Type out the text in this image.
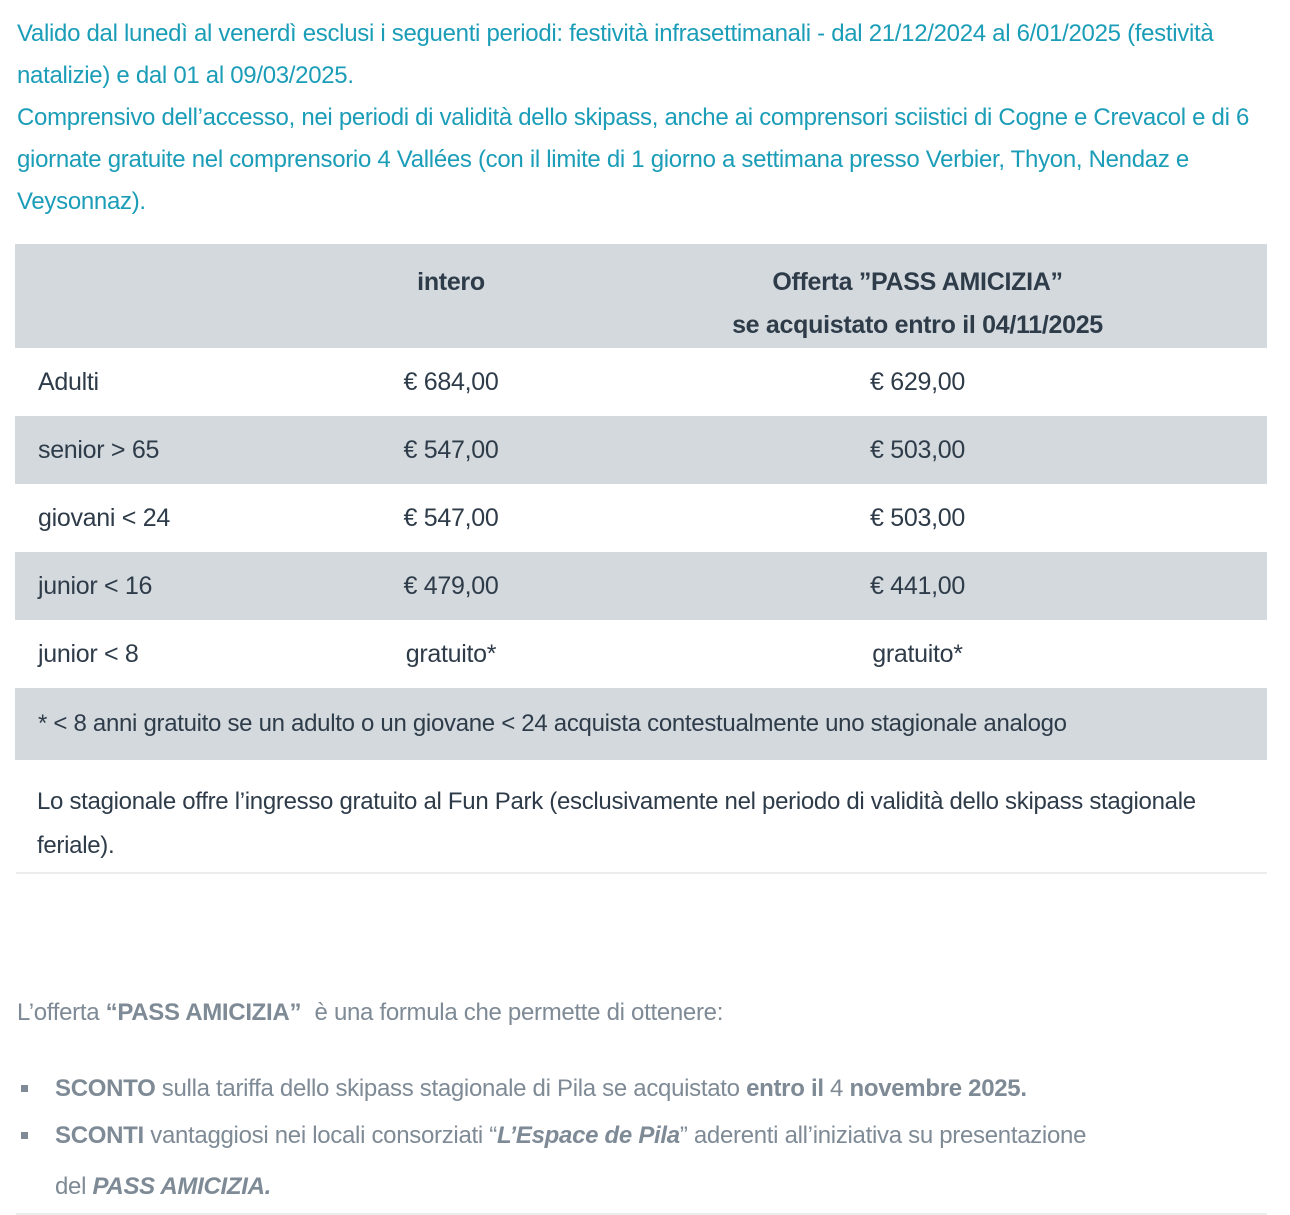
Valido dal lunedì al venerdì esclusi i seguenti periodi: festività infrasettimanali - dal 21/12/2024 al 6/01/2025 (festività natalizie) e dal 01 al 09/03/2025.

Comprensivo dell’accesso, nei periodi di validità dello skipass, anche ai comprensori sciistici di Cogne e Crevacol e di 6 giornate gratuite nel comprensorio 4 Vallées (con il limite di 1 giorno a settimana presso Verbier, Thyon, Nendaz e Veysonnaz).

	intero	Offerta ”PASS AMICIZIA”
se acquistato entro il 04/11/2025

Adulti	€ 684,00	€ 629,00
senior > 65	€ 547,00	€ 503,00
giovani < 24	€ 547,00	€ 503,00
junior < 16	€ 479,00	€ 441,00
junior < 8	gratuito*	gratuito*
* < 8 anni gratuito se un adulto o un giovane < 24 acquista contestualmente uno stagionale analogo		

Lo stagionale offre l’ingresso gratuito al Fun Park (esclusivamente nel periodo di validità dello skipass stagionale feriale).

L’offerta “PASS AMICIZIA” è una formula che permette di ottenere:

SCONTO sulla tariffa dello skipass stagionale di Pila se acquistato entro il 4 novembre 2025.
SCONTI vantaggiosi nei locali consorziati “L’Espace de Pila” aderenti all’iniziativa su presentazione
del PASS AMICIZIA.
